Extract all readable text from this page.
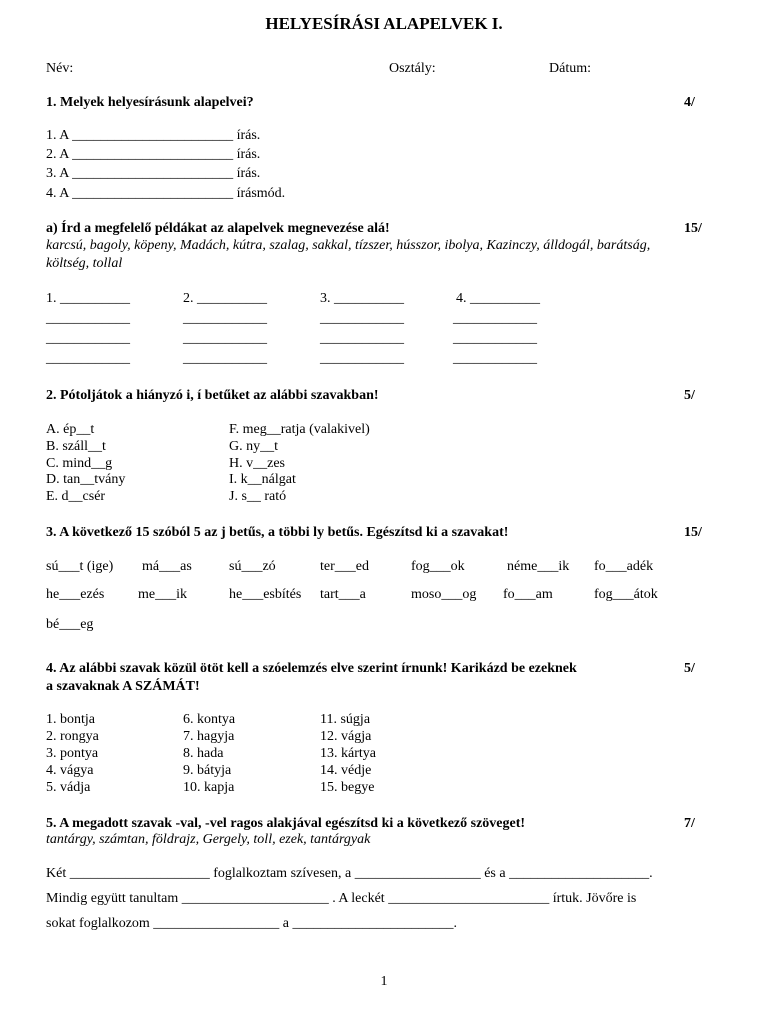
HELYESÍRÁSI ALAPELVEK I.
Név:	Osztály:	Dátum:
1. Melyek helyesírásunk alapelvei?	4/
1. A _______________________ írás.
2. A _______________________ írás.
3. A _______________________ írás.
4. A _______________________ írásmód.
a) Írd a megfelelő példákat az alapelvek megnevezése alá!	15/
karcsú, bagoly, köpeny, Madách, kútra, szalag, sakkal, tízszer, hússzor, ibolya, Kazinczy, álldogál, barátság,
költség, tollal
1. __________	2. __________	3. __________	4. __________
____________	____________	____________	____________
____________	____________	____________	____________
____________	____________	____________	____________
2. Pótoljátok a hiányzó i, í betűket az alábbi szavakban!	5/
A. ép__t
B. száll__t
C. mind__g
D. tan__tvány
E. d__csér
F. meg__ratja (valakivel)
G. ny__t
H. v__zes
I. k__nálgat
J. s__ rató
3. A következő 15 szóból 5 az j betűs, a többi ly betűs. Egészítsd ki a szavakat!	15/
sú___t (ige) má___as	sú___zó	ter___ed	fog___ok	néme___ik fo___adék
he___ezés me___ik	he___esbítés tart___a	moso___og fo___am	fog___átok
bé___eg
4. Az alábbi szavak közül ötöt kell a szóelemzés elve szerint írnunk! Karikázd be ezeknek
a szavaknak A SZÁMÁT!
5/
1. bontja
2. rongya
3. pontya
4. vágya
5. vádja
6. kontya
7. hagyja
8. hada
9. bátyja
10. kapja
11. súgja
12. vágja
13. kártya
14. védje
15. begye
5. A megadott szavak -val, -vel ragos alakjával egészítsd ki a következő szöveget!	7/
tantárgy, számtan, földrajz, Gergely, toll, ezek, tantárgyak
Két ____________________ foglalkoztam szívesen, a __________________ és a ____________________.
Mindig együtt tanultam _____________________ . A leckét _______________________ írtuk. Jövőre is
sokat foglalkozom __________________ a _______________________.
1
